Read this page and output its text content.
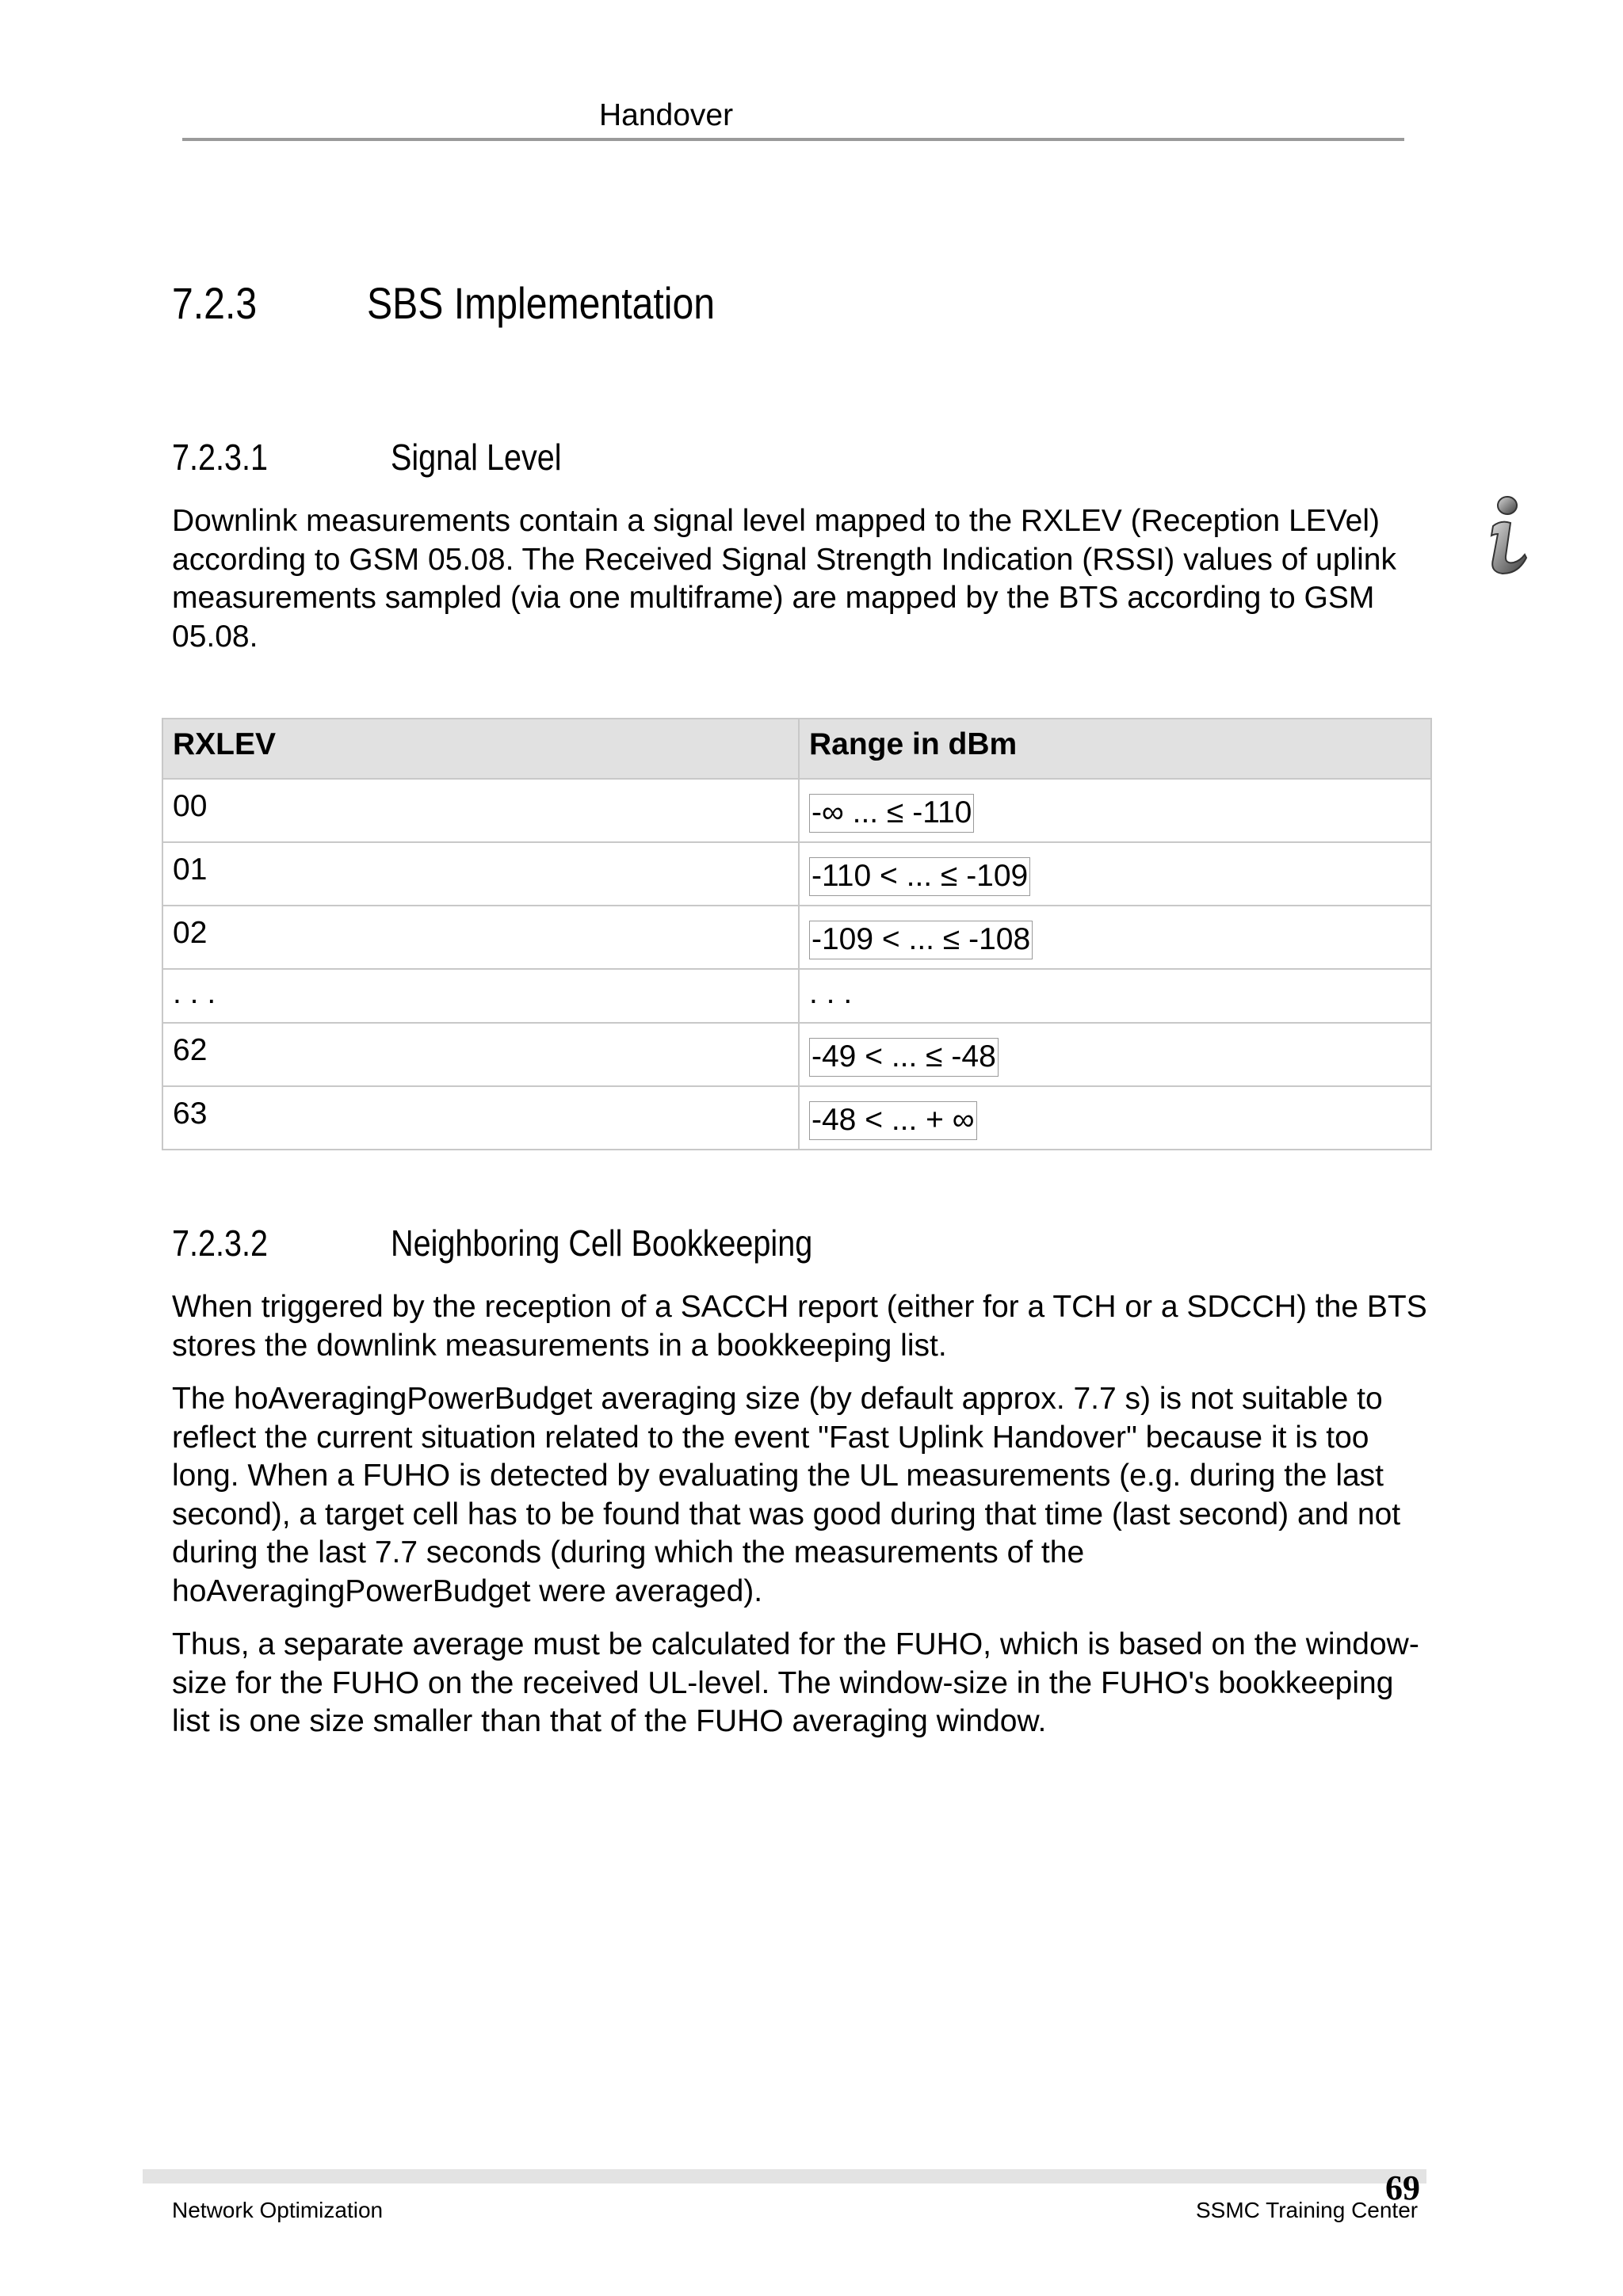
Handover
7.2.3 SBS Implementation
7.2.3.1	Signal Level

Downlink measurements contain a signal level mapped to the RXLEV (Reception LEVel) according to GSM 05.08. The Received Signal Strength Indication (RSSI) values of uplink measurements sampled (via one multiframe) are mapped by the BTS according to GSM 05.08.

RXLEV	Range in dBm
00	-∞ ... ≤ -110
01	-110 < ... ≤ -109
02	-109 < ... ≤ -108
. . .	. . .
62	-49 < ... ≤ -48
63	-48 < ... + ∞
7.2.3.2	Neighboring Cell Bookkeeping

When triggered by the reception of a SACCH report (either for a TCH or a SDCCH) the BTS stores the downlink measurements in a bookkeeping list.

The hoAveragingPowerBudget averaging size (by default approx. 7.7 s) is not suitable to reflect the current situation related to the event "Fast Uplink Handover" because it is too long. When a FUHO is detected by evaluating the UL measurements (e.g. during the last second), a target cell has to be found that was good during that time (last second) and not during the last 7.7 seconds (during which the measurements of the hoAveragingPowerBudget were averaged).

Thus, a separate average must be calculated for the FUHO, which is based on the window-size for the FUHO on the received UL-level. The window-size in the FUHO's bookkeeping list is one size smaller than that of the FUHO averaging window.

69
Network Optimization	SSMC Training Center
